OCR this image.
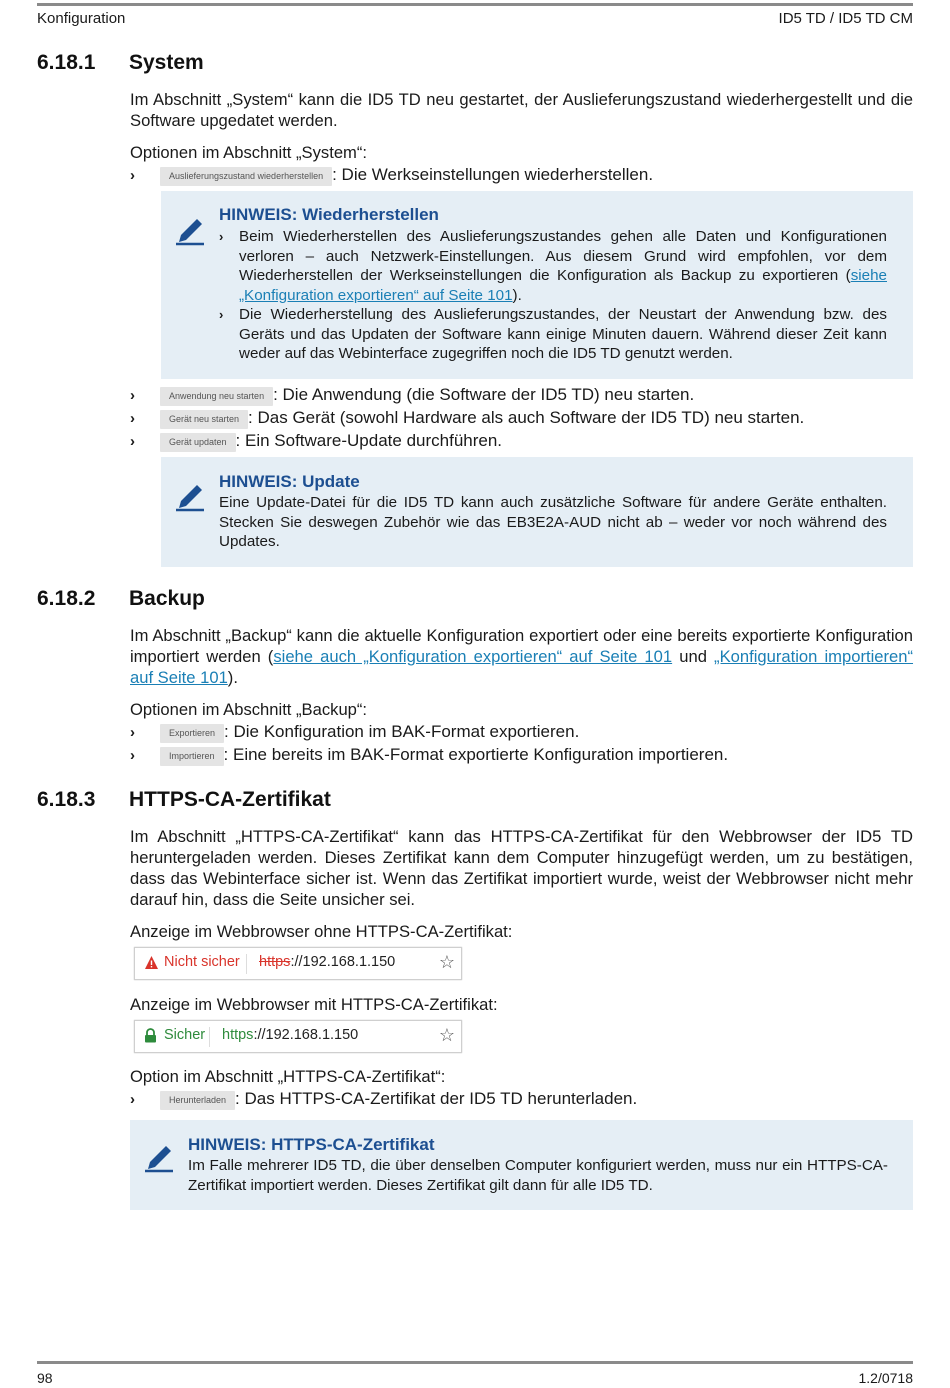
Konfiguration	ID5 TD / ID5 TD CM
6.18.1 System

Im Abschnitt „System“ kann die ID5 TD neu gestartet, der Auslieferungszustand wiederhergestellt und die Software upgedatet werden.

Optionen im Abschnitt „System“:

›	Auslieferungszustand wiederherstellen : Die Werkseinstellungen wiederherstellen.
HINWEIS: Wiederherstellen
› Beim Wiederherstellen des Auslieferungszustandes gehen alle Daten und Konfigurationen verloren – auch Netzwerk-Einstellungen. Aus diesem Grund wird empfohlen, vor dem Wiederherstellen der Werkseinstellungen die Konfiguration als Backup zu exportieren (siehe „Konfiguration exportieren“ auf Seite 101).
› Die Wiederherstellung des Auslieferungszustandes, der Neustart der Anwendung bzw. des Geräts und das Updaten der Software kann einige Minuten dauern. Während dieser Zeit kann weder auf das Webinterface zugegriffen noch die ID5 TD genutzt werden.
›	Anwendung neu starten : Die Anwendung (die Software der ID5 TD) neu starten.
›	Gerät neu starten : Das Gerät (sowohl Hardware als auch Software der ID5 TD) neu starten.
›	Gerät updaten : Ein Software-Update durchführen.
HINWEIS: Update
Eine Update-Datei für die ID5 TD kann auch zusätzliche Software für andere Geräte enthalten. Stecken Sie deswegen Zubehör wie das EB3E2A-AUD nicht ab – weder vor noch während des Updates.
6.18.2 Backup

Im Abschnitt „Backup“ kann die aktuelle Konfiguration exportiert oder eine bereits exportierte Konfiguration importiert werden (siehe auch „Konfiguration exportieren“ auf Seite 101 und „Konfiguration importieren“ auf Seite 101).

Optionen im Abschnitt „Backup“:

›	Exportieren : Die Konfiguration im BAK-Format exportieren.
›	Importieren : Eine bereits im BAK-Format exportierte Konfiguration importieren.
6.18.3 HTTPS-CA-Zertifikat

Im Abschnitt „HTTPS-CA-Zertifikat“ kann das HTTPS-CA-Zertifikat für den Webbrowser der ID5 TD heruntergeladen werden. Dieses Zertifikat kann dem Computer hinzugefügt werden, um zu bestätigen, dass das Webinterface sicher ist. Wenn das Zertifikat importiert wurde, weist der Webbrowser nicht mehr darauf hin, dass die Seite unsicher sei.

Anzeige im Webbrowser ohne HTTPS-CA-Zertifikat:

Nicht sicher https://192.168.1.150 ☆

Anzeige im Webbrowser mit HTTPS-CA-Zertifikat:

Sicher https://192.168.1.150	☆

Option im Abschnitt „HTTPS-CA-Zertifikat“:

›	Herunterladen : Das HTTPS-CA-Zertifikat der ID5 TD herunterladen.
HINWEIS: HTTPS-CA-Zertifikat
Im Falle mehrerer ID5 TD, die über denselben Computer konfiguriert werden, muss nur ein HTTPS-CA-Zertifikat importiert werden. Dieses Zertifikat gilt dann für alle ID5 TD.
98	1.2/0718
